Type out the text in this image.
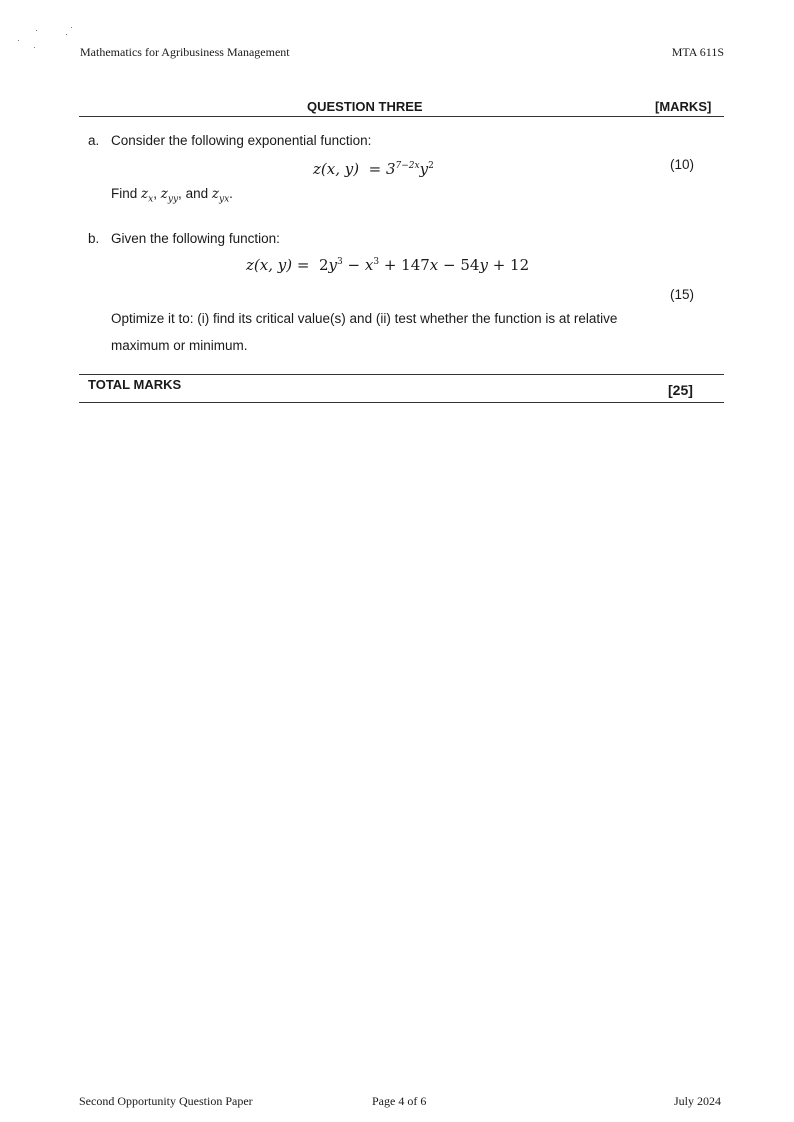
Mathematics for Agribusiness Management	MTA 611S
QUESTION THREE	[MARKS]
a. Consider the following exponential function:
z(x, $y) = 3^{7-2x}y^2$	(10)
Find $z_x$, $z_{yy}$, and $z_{yx}$.
b. Given the following function:
z(x, $y) = 2y^3 - x^3 + 147x - 54y + 12$
(15)
Optimize it to: (i) find its critical value(s) and (ii) test whether the function is at relative
maximum or minimum.
TOTAL MARKS	[25]
Second Opportunity Question Paper	Page 4 of 6	July 2024
